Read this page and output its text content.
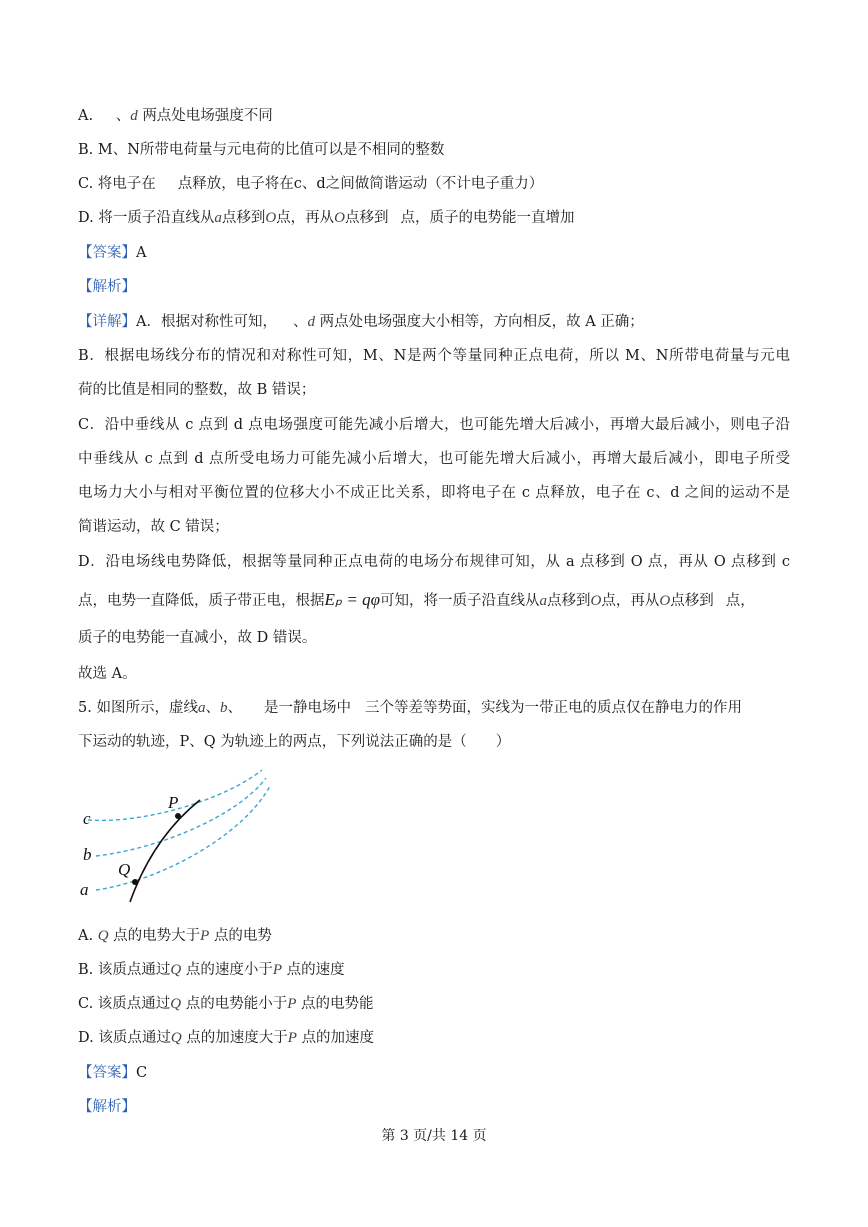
A. 、d 两点处电场强度不同
B. M、N所带电荷量与元电荷的比值可以是不相同的整数
C. 将电子在 点释放，电子将在c、d之间做简谐运动（不计电子重力）
D. 将一质子沿直线从a点移到O点，再从O点移到 点，质子的电势能一直增加
【答案】A
【解析】
【详解】A．根据对称性可知， 、d 两点处电场强度大小相等，方向相反，故 A 正确；
B．根据电场线分布的情况和对称性可知，M、N是两个等量同种正点电荷，所以 M、N所带电荷量与元电
荷的比值是相同的整数，故 B 错误；
C．沿中垂线从 c 点到 d 点电场强度可能先减小后增大，也可能先增大后减小，再增大最后减小，则电子沿
中垂线从 c 点到 d 点所受电场力可能先减小后增大，也可能先增大后减小，再增大最后减小，即电子所受
电场力大小与相对平衡位置的位移大小不成正比关系，即将电子在 c 点释放，电子在 c、d 之间的运动不是
简谐运动，故 C 错误；
D．沿电场线电势降低，根据等量同种正点电荷的电场分布规律可知，从 a 点移到 O 点，再从 O 点移到 c
点，电势一直降低，质子带正电，根据Eₚ = qφ可知，将一质子沿直线从a点移到O点，再从O点移到 点，
质子的电势能一直减小，故 D 错误。
故选 A。
5. 如图所示，虚线a、b、 是一静电场中 三个等差等势面，实线为一带正电的质点仅在静电力的作用
下运动的轨迹，P、Q 为轨迹上的两点，下列说法正确的是（　　）
c
b
a
P
Q
A. Q 点的电势大于P 点的电势
B. 该质点通过Q 点的速度小于P 点的速度
C. 该质点通过Q 点的电势能小于P 点的电势能
D. 该质点通过Q 点的加速度大于P 点的加速度
【答案】C
【解析】
第 3 页/共 14 页
